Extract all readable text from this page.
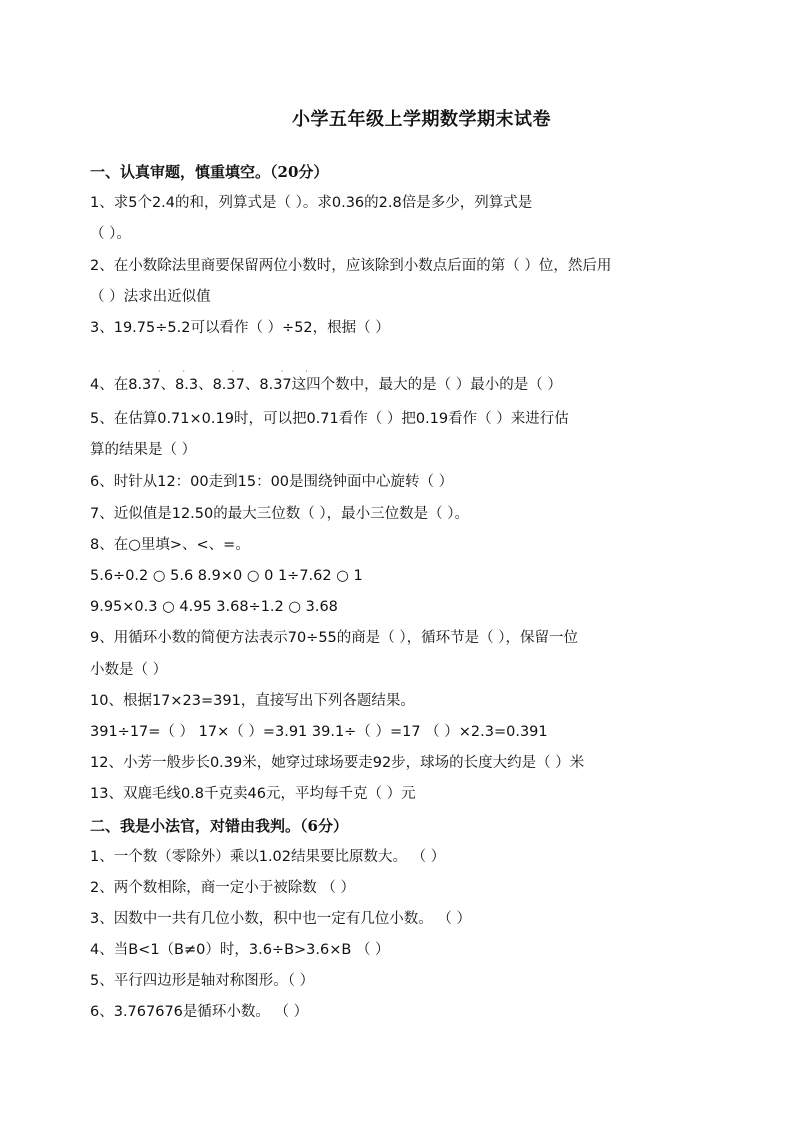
小学五年级上学期数学期末试卷
一、认真审题，慎重填空。（20分）
1、求5个2.4的和，列算式是（ ）。求0.36的2.8倍是多少，列算式是
（ ）。
2、在小数除法里商要保留两位小数时，应该除到小数点后面的第（ ）位，然后用
（ ）法求出近似值
3、19.75÷5.2可以看作（ ）÷52，根据（ ）
·· · ··
4、在8.37、8.3、8.37、8.37这四个数中，最大的是（ ）最小的是（ ）
5、在估算0.71×0.19时，可以把0.71看作（ ）把0.19看作（ ）来进行估
算的结果是（ ）
6、时针从12：00走到15：00是围绕钟面中心旋转（ ）
7、近似值是12.50的最大三位数（ ），最小三位数是（ ）。
8、在○里填>、<、=。
5.6÷0.2 ○ 5.6 8.9×0 ○ 0 1÷7.62 ○ 1
9.95×0.3 ○ 4.95 3.68÷1.2 ○ 3.68
9、用循环小数的简便方法表示70÷55的商是（ ），循环节是（ ），保留一位
小数是（ ）
10、根据17×23=391，直接写出下列各题结果。
391÷17=（ ） 17×（ ）=3.91 39.1÷（ ）=17 （ ）×2.3=0.391
12、小芳一般步长0.39米，她穿过球场要走92步，球场的长度大约是（ ）米
13、双鹿毛线0.8千克卖46元，平均每千克（ ）元
二、我是小法官，对错由我判。（6分）
1、一个数（零除外）乘以1.02结果要比原数大。 （ ）
2、两个数相除，商一定小于被除数 （ ）
3、因数中一共有几位小数，积中也一定有几位小数。 （ ）
4、当B<1（B≠0）时，3.6÷B>3.6×B （ ）
5、平行四边形是轴对称图形。（ ）
6、3.767676是循环小数。 （ ）
